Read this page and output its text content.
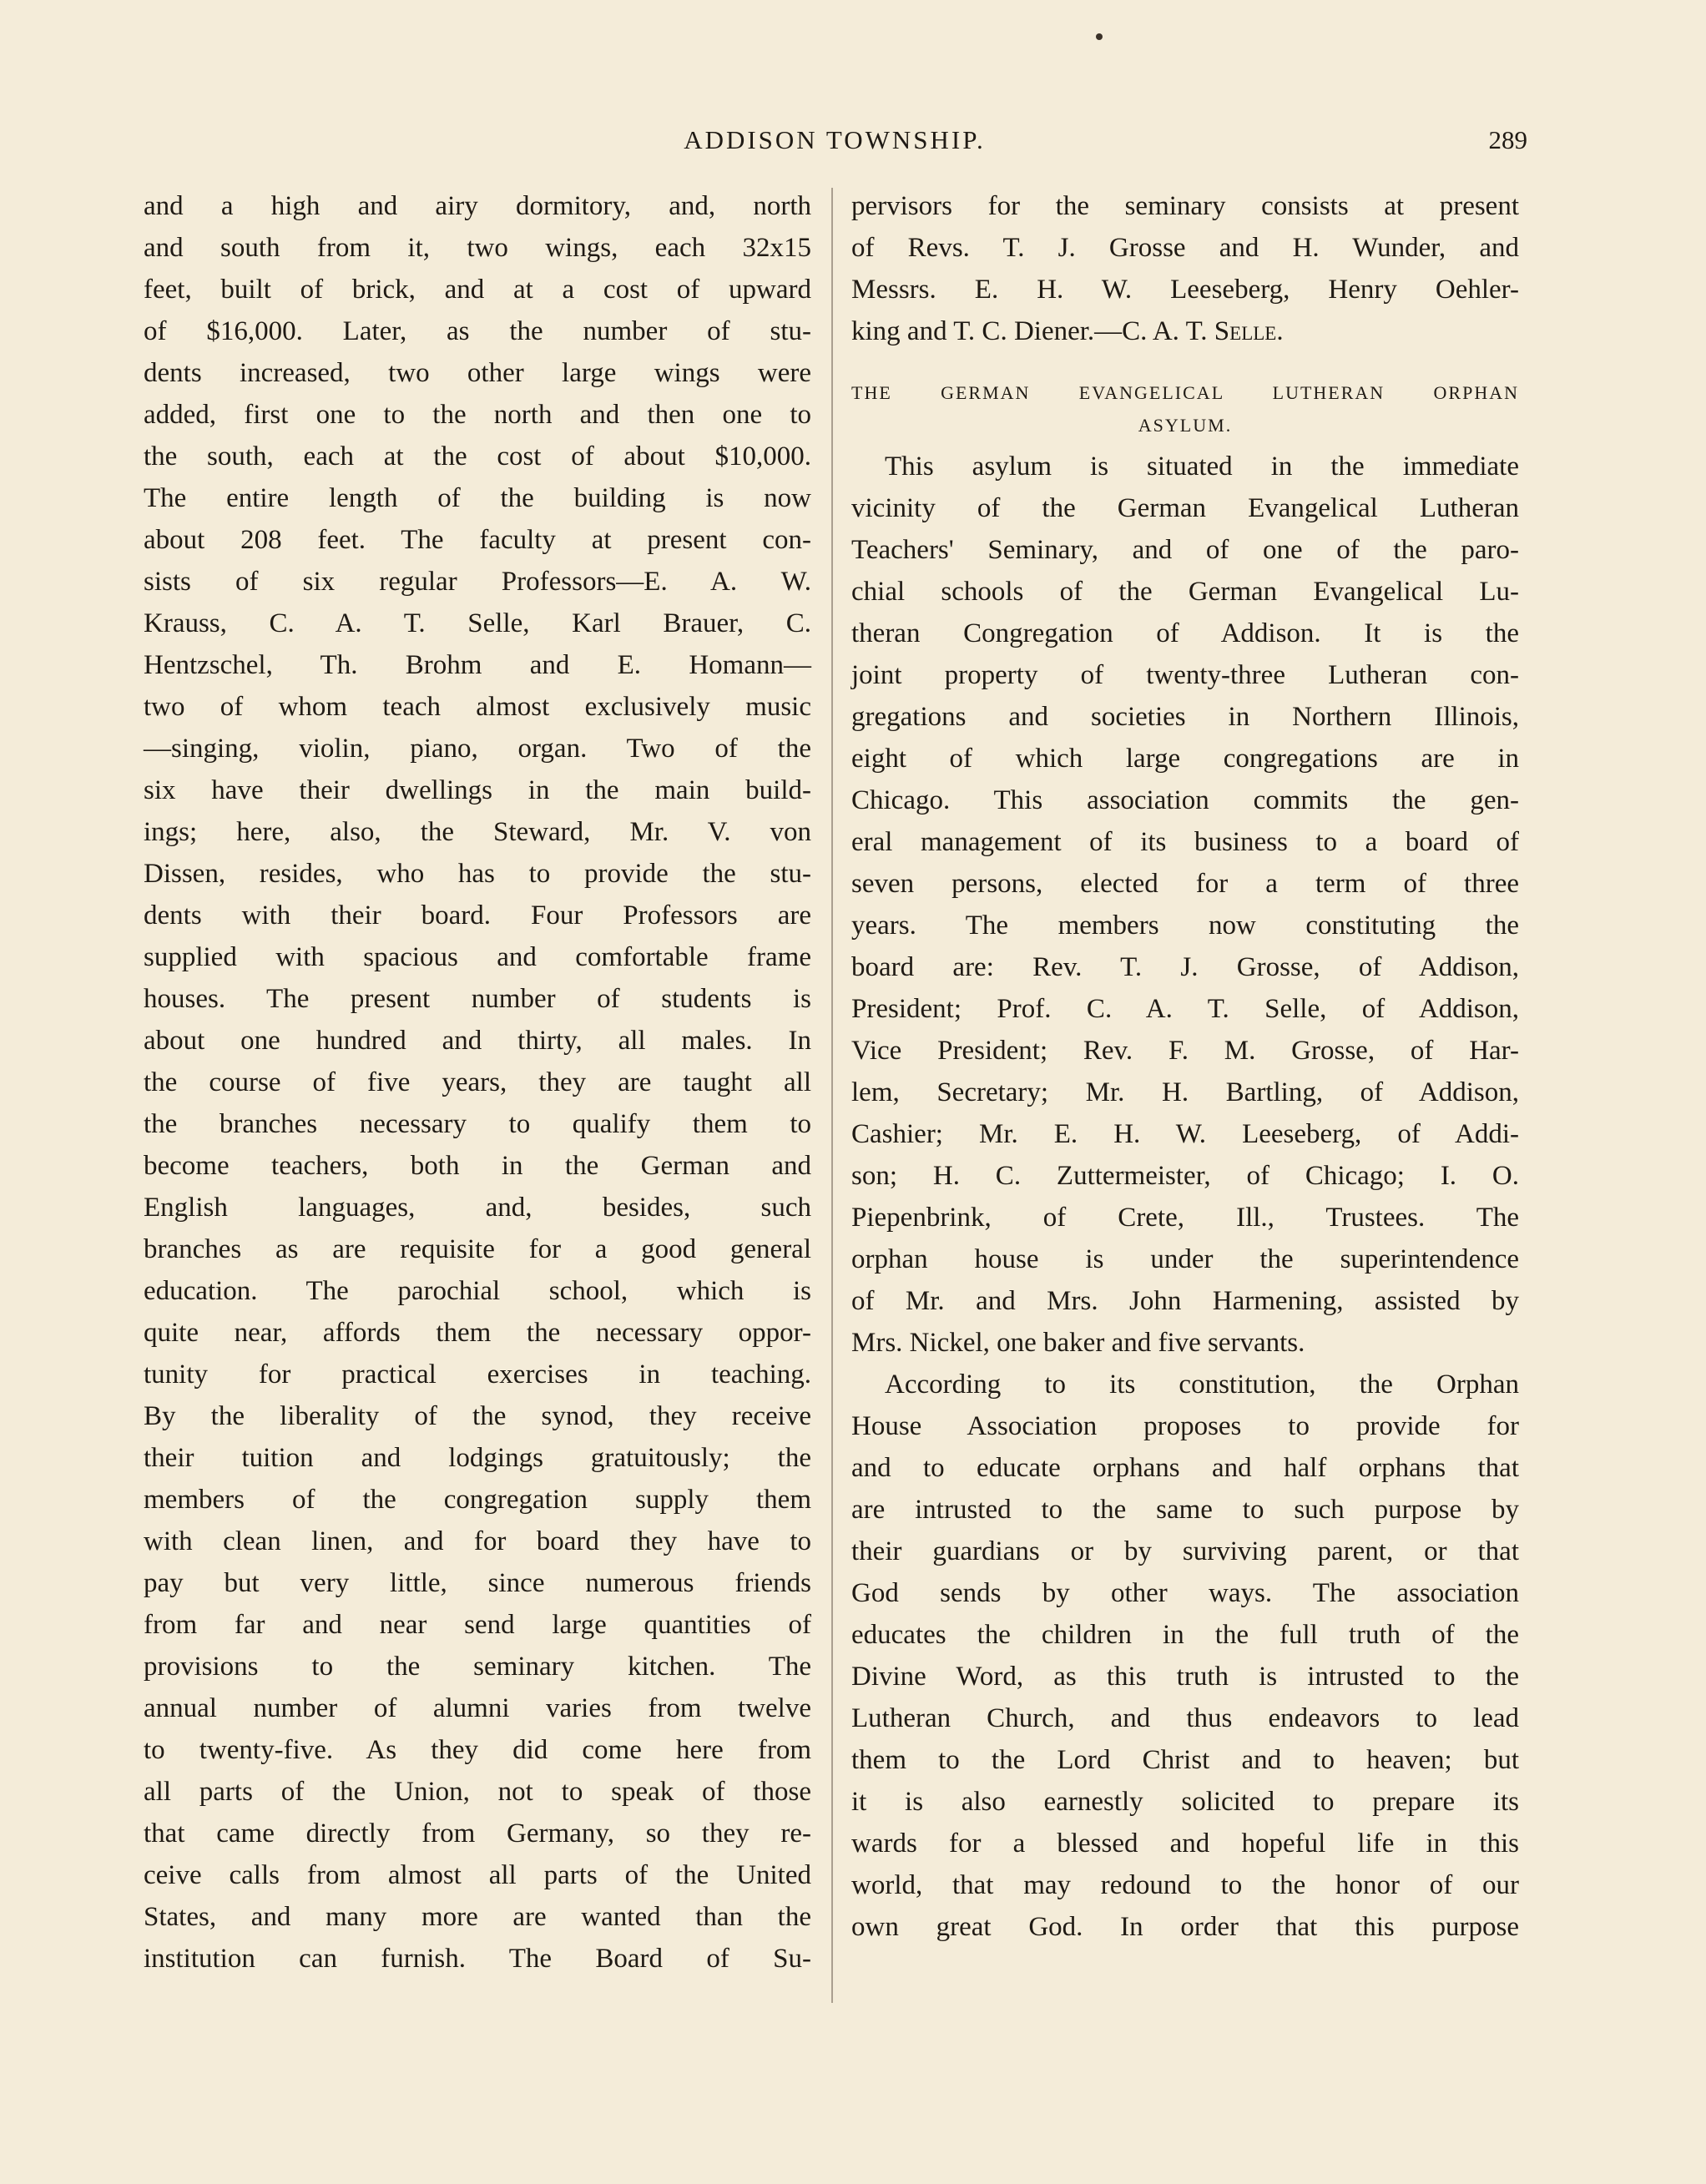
ADDISON TOWNSHIP.	289
and a high and airy dormitory, and, north
and south from it, two wings, each 32x15
feet, built of brick, and at a cost of upward
of $16,000. Later, as the number of stu-
dents increased, two other large wings were
added, first one to the north and then one to
the south, each at the cost of about $10,000.
The entire length of the building is now
about 208 feet. The faculty at present con-
sists of six regular Professors—E. A. W.
Krauss, C. A. T. Selle, Karl Brauer, C.
Hentzschel, Th. Brohm and E. Homann—
two of whom teach almost exclusively music
—singing, violin, piano, organ. Two of the
six have their dwellings in the main build-
ings; here, also, the Steward, Mr. V. von
Dissen, resides, who has to provide the stu-
dents with their board. Four Professors are
supplied with spacious and comfortable frame
houses. The present number of students is
about one hundred and thirty, all males. In
the course of five years, they are taught all
the branches necessary to qualify them to
become teachers, both in the German and
English languages, and, besides, such
branches as are requisite for a good general
education. The parochial school, which is
quite near, affords them the necessary oppor-
tunity for practical exercises in teaching.
By the liberality of the synod, they receive
their tuition and lodgings gratuitously; the
members of the congregation supply them
with clean linen, and for board they have to
pay but very little, since numerous friends
from far and near send large quantities of
provisions to the seminary kitchen. The
annual number of alumni varies from twelve
to twenty-five. As they did come here from
all parts of the Union, not to speak of those
that came directly from Germany, so they re-
ceive calls from almost all parts of the United
States, and many more are wanted than the
institution can furnish. The Board of Su-
pervisors for the seminary consists at present
of Revs. T. J. Grosse and H. Wunder, and
Messrs. E. H. W. Leeseberg, Henry Oehler-
king and T. C. Diener.—C. A. T. Selle.
THE GERMAN EVANGELICAL LUTHERAN ORPHAN
ASYLUM.
This asylum is situated in the immediate
vicinity of the German Evangelical Lutheran
Teachers' Seminary, and of one of the paro-
chial schools of the German Evangelical Lu-
theran Congregation of Addison. It is the
joint property of twenty-three Lutheran con-
gregations and societies in Northern Illinois,
eight of which large congregations are in
Chicago. This association commits the gen-
eral management of its business to a board of
seven persons, elected for a term of three
years. The members now constituting the
board are: Rev. T. J. Grosse, of Addison,
President; Prof. C. A. T. Selle, of Addison,
Vice President; Rev. F. M. Grosse, of Har-
lem, Secretary; Mr. H. Bartling, of Addison,
Cashier; Mr. E. H. W. Leeseberg, of Addi-
son; H. C. Zuttermeister, of Chicago; I. O.
Piepenbrink, of Crete, Ill., Trustees. The
orphan house is under the superintendence
of Mr. and Mrs. John Harmening, assisted by
Mrs. Nickel, one baker and five servants.
According to its constitution, the Orphan
House Association proposes to provide for
and to educate orphans and half orphans that
are intrusted to the same to such purpose by
their guardians or by surviving parent, or that
God sends by other ways. The association
educates the children in the full truth of the
Divine Word, as this truth is intrusted to the
Lutheran Church, and thus endeavors to lead
them to the Lord Christ and to heaven; but
it is also earnestly solicited to prepare its
wards for a blessed and hopeful life in this
world, that may redound to the honor of our
own great God. In order that this purpose
